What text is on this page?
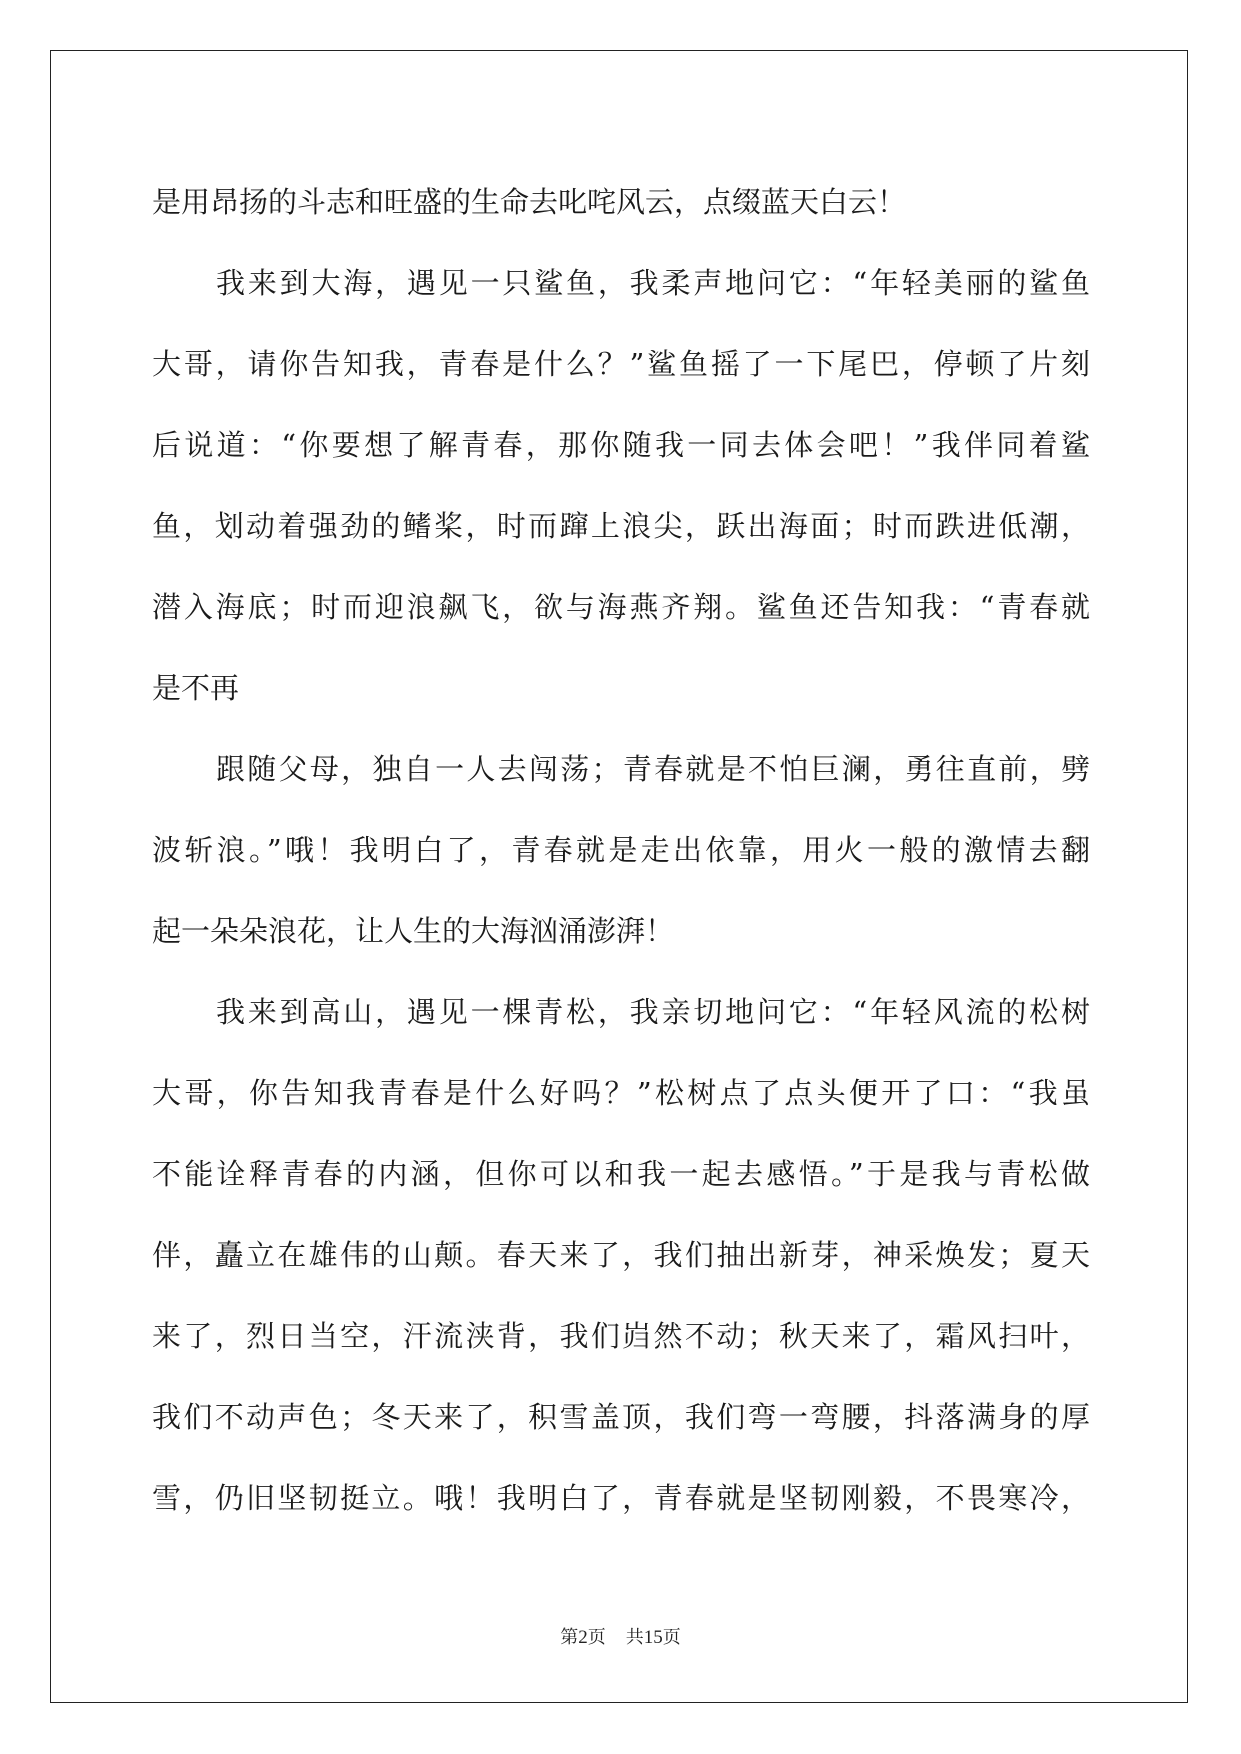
是用昂扬的斗志和旺盛的生命去叱咤风云，点缀蓝天白云！
我来到大海，遇见一只鲨鱼，我柔声地问它：“年轻美丽的鲨鱼
大哥，请你告知我，青春是什么？”鲨鱼摇了一下尾巴，停顿了片刻
后说道：“你要想了解青春，那你随我一同去体会吧！”我伴同着鲨
鱼，划动着强劲的鳍桨，时而蹿上浪尖，跃出海面；时而跌进低潮，
潜入海底；时而迎浪飙飞，欲与海燕齐翔。鲨鱼还告知我：“青春就
是不再
跟随父母，独自一人去闯荡；青春就是不怕巨澜，勇往直前，劈
波斩浪。”哦！我明白了，青春就是走出依靠，用火一般的激情去翻
起一朵朵浪花，让人生的大海汹涌澎湃！
我来到高山，遇见一棵青松，我亲切地问它：“年轻风流的松树
大哥，你告知我青春是什么好吗？”松树点了点头便开了口：“我虽
不能诠释青春的内涵，但你可以和我一起去感悟。”于是我与青松做
伴，矗立在雄伟的山颠。春天来了，我们抽出新芽，神采焕发；夏天
来了，烈日当空，汗流浃背，我们岿然不动；秋天来了，霜风扫叶，
我们不动声色；冬天来了，积雪盖顶，我们弯一弯腰，抖落满身的厚
雪，仍旧坚韧挺立。哦！我明白了，青春就是坚韧刚毅，不畏寒冷，
第2页 共15页
